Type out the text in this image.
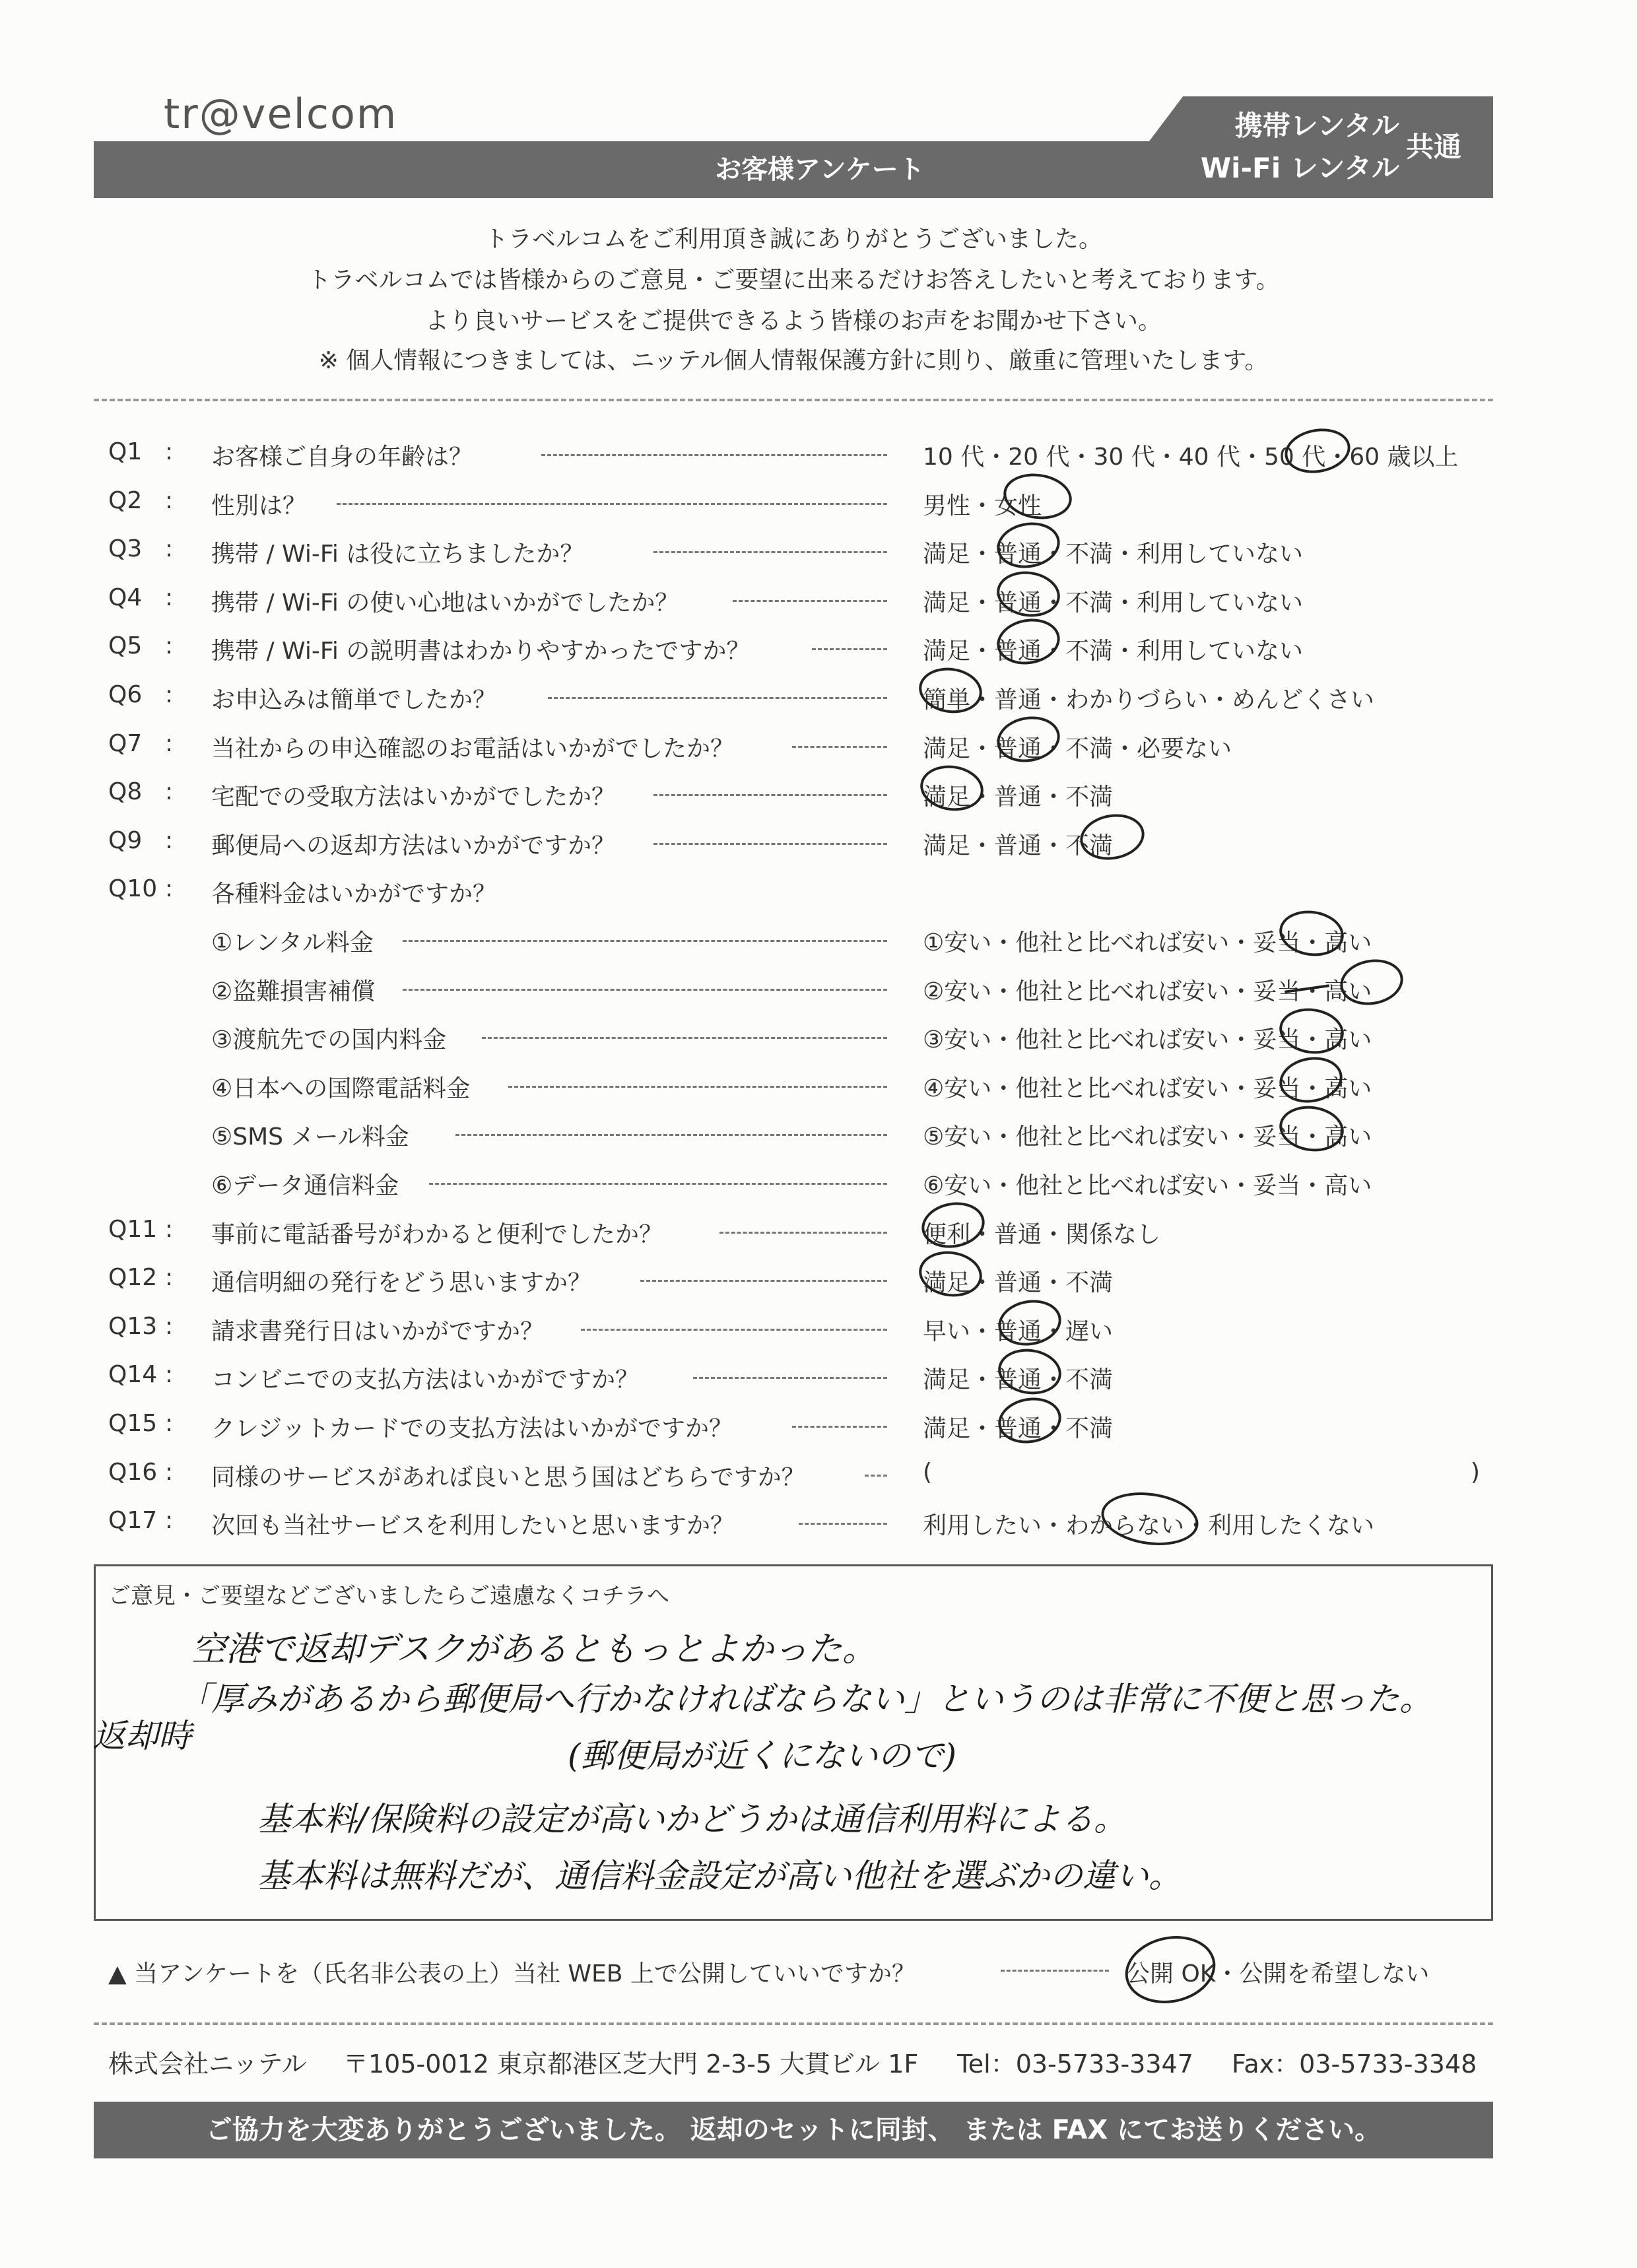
tr@velcom
お客様アンケート
携帯レンタル
Wi-Fi レンタル
共通
トラベルコムをご利用頂き誠にありがとうございました。
トラベルコムでは皆様からのご意見・ご要望に出来るだけお答えしたいと考えております。
より良いサービスをご提供できるよう皆様のお声をお聞かせ下さい。
※ 個人情報につきましては、ニッテル個人情報保護方針に則り、厳重に管理いたします。
Q1 : お客様ご自身の年齢は？	10 代・20 代・30 代・40 代・50 代・60 歳以上
Q2 : 性別は？	男性・女性
Q3 : 携帯 / Wi-Fi は役に立ちましたか？	満足・普通・不満・利用していない
Q4 : 携帯 / Wi-Fi の使い心地はいかがでしたか？	満足・普通・不満・利用していない
Q5 : 携帯 / Wi-Fi の説明書はわかりやすかったですか？	満足・普通・不満・利用していない
Q6 : お申込みは簡単でしたか？	簡単・普通・わかりづらい・めんどくさい
Q7 : 当社からの申込確認のお電話はいかがでしたか？	満足・普通・不満・必要ない
Q8 : 宅配での受取方法はいかがでしたか？	満足・普通・不満
Q9 : 郵便局への返却方法はいかがですか？	満足・普通・不満
Q10 : 各種料金はいかがですか？
①レンタル料金	①安い・他社と比べれば安い・妥当・高い
②盗難損害補償	②安い・他社と比べれば安い・妥当・高い
③渡航先での国内料金	③安い・他社と比べれば安い・妥当・高い
④日本への国際電話料金	④安い・他社と比べれば安い・妥当・高い
⑤SMS メール料金	⑤安い・他社と比べれば安い・妥当・高い
⑥データ通信料金	⑥安い・他社と比べれば安い・妥当・高い
Q11 : 事前に電話番号がわかると便利でしたか？	便利・普通・関係なし
Q12 : 通信明細の発行をどう思いますか？	満足・普通・不満
Q13 : 請求書発行日はいかがですか？	早い・普通・遅い
Q14 : コンビニでの支払方法はいかがですか？	満足・普通・不満
Q15 : クレジットカードでの支払方法はいかがですか？	満足・普通・不満
Q16 : 同様のサービスがあれば良いと思う国はどちらですか？	(	)
Q17 : 次回も当社サービスを利用したいと思いますか？	利用したい・わからない・利用したくない
ご意見・ご要望などございましたらご遠慮なくコチラへ
空港で返却デスクがあるともっとよかった。
「厚みがあるから郵便局へ行かなければならない」というのは非常に不便と思った。
返却時
(郵便局が近くにないので)
基本料/保険料の設定が高いかどうかは通信利用料による。
基本料は無料だが、通信料金設定が高い他社を選ぶかの違い。
▲ 当アンケートを（氏名非公表の上）当社 WEB 上で公開していいですか？	公開 OK・公開を希望しない
株式会社ニッテル 〒105-0012 東京都港区芝大門 2-3-5 大貫ビル 1F Tel：03-5733-3347 Fax：03-5733-3348
ご協力を大変ありがとうございました。 返却のセットに同封、 または FAX にてお送りください。
